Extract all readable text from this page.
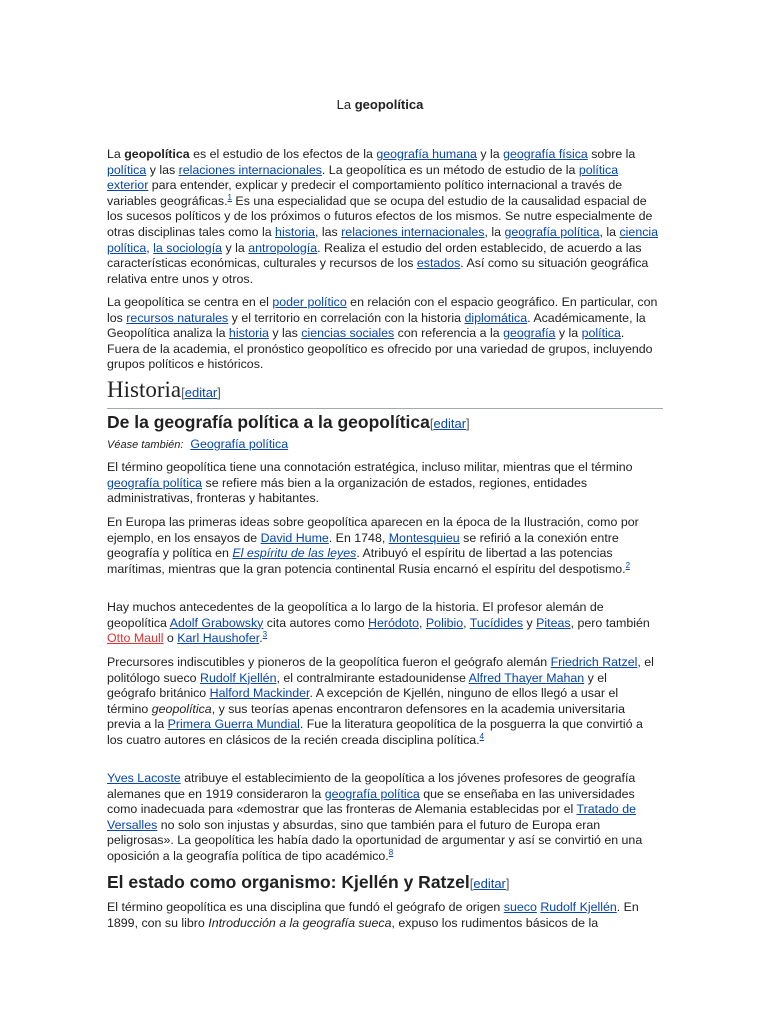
La geopolítica

La geopolítica es el estudio de los efectos de la geografía humana y la geografía física sobre la política y las relaciones internacionales. La geopolítica es un método de estudio de la política exterior para entender, explicar y predecir el comportamiento político internacional a través de variables geográficas.$^1$ Es una especialidad que se ocupa del estudio de la causalidad espacial de los sucesos políticos y de los próximos o futuros efectos de los mismos. Se nutre especialmente de otras disciplinas tales como la historia, las relaciones internacionales, la geografía política, la ciencia política, la sociología y la antropología. Realiza el estudio del orden establecido, de acuerdo a las características económicas, culturales y recursos de los estados. Así como su situación geográfica relativa entre unos y otros.

La geopolítica se centra en el poder político en relación con el espacio geográfico. En particular, con los recursos naturales y el territorio en correlación con la historia diplomática. Académicamente, la Geopolítica analiza la historia y las ciencias sociales con referencia a la geografía y la política. Fuera de la academia, el pronóstico geopolítico es ofrecido por una variedad de grupos, incluyendo grupos políticos e históricos.

Historia[editar]
De la geografía política a la geopolítica[editar]
Véase también: Geografía política

El término geopolítica tiene una connotación estratégica, incluso militar, mientras que el término geografía política se refiere más bien a la organización de estados, regiones, entidades administrativas, fronteras y habitantes.

En Europa las primeras ideas sobre geopolítica aparecen en la época de la Ilustración, como por ejemplo, en los ensayos de David Hume. En 1748, Montesquieu se refirió a la conexión entre geografía y política en El espíritu de las leyes. Atribuyó el espíritu de libertad a las potencias marítimas, mientras que la gran potencia continental Rusia encarnó el espíritu del despotismo.$^2$

Hay muchos antecedentes de la geopolítica a lo largo de la historia. El profesor alemán de geopolítica Adolf Grabowsky cita autores como Heródoto, Polibio, Tucídides y Piteas, pero también Otto Maull o Karl Haushofer.$^3$

Precursores indiscutibles y pioneros de la geopolítica fueron el geógrafo alemán Friedrich Ratzel, el politólogo sueco Rudolf Kjellén, el contralmirante estadounidense Alfred Thayer Mahan y el geógrafo británico Halford Mackinder. A excepción de Kjellén, ninguno de ellos llegó a usar el término geopolítica, y sus teorías apenas encontraron defensores en la academia universitaria previa a la Primera Guerra Mundial. Fue la literatura geopolítica de la posguerra la que convirtió a los cuatro autores en clásicos de la recién creada disciplina política.$^4$

Yves Lacoste atribuye el establecimiento de la geopolítica a los jóvenes profesores de geografía alemanes que en 1919 consideraron la geografía política que se enseñaba en las universidades como inadecuada para «demostrar que las fronteras de Alemania establecidas por el Tratado de Versalles no solo son injustas y absurdas, sino que también para el futuro de Europa eran peligrosas». La geopolítica les había dado la oportunidad de argumentar y así se convirtió en una oposición a la geografía política de tipo académico.$^8$

El estado como organismo: Kjellén y Ratzel[editar]

El término geopolítica es una disciplina que fundó el geógrafo de origen sueco Rudolf Kjellén. En 1899, con su libro Introducción a la geografía sueca, expuso los rudimentos básicos de la
